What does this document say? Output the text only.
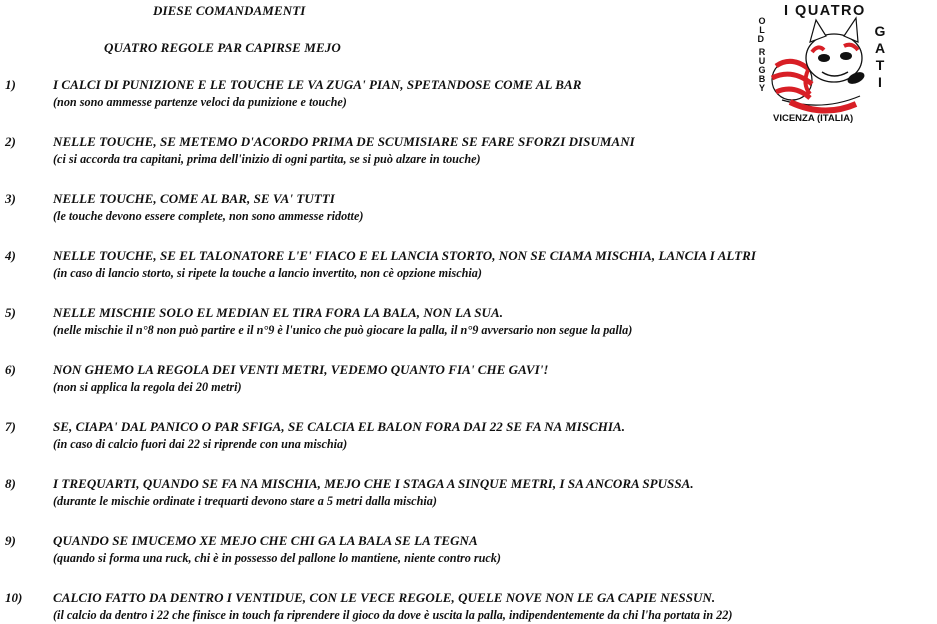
DIESE COMANDAMENTI
QUATRO REGOLE PAR CAPIRSE MEJO
I QUATRO
O L D R U G B Y
G A T I
VICENZA (ITALIA)
1)	I CALCI DI PUNIZIONE E LE TOUCHE LE VA ZUGA' PIAN, SPETANDOSE COME AL BAR
(non sono ammesse partenze veloci da punizione e touche)
2)	NELLE TOUCHE, SE METEMO D'ACORDO PRIMA DE SCUMISIARE SE FARE SFORZI DISUMANI
(ci si accorda tra capitani, prima dell'inizio di ogni partita, se si può alzare in touche)
3)	NELLE TOUCHE, COME AL BAR, SE VA' TUTTI
(le touche devono essere complete, non sono ammesse ridotte)
4)	NELLE TOUCHE, SE EL TALONATORE L'E' FIACO E EL LANCIA STORTO, NON SE CIAMA MISCHIA, LANCIA I ALTRI
(in caso di lancio storto, si ripete la touche a lancio invertito, non cè opzione mischia)
5)	NELLE MISCHIE SOLO EL MEDIAN EL TIRA FORA LA BALA, NON LA SUA.
(nelle mischie il n°8 non può partire e il n°9 è l'unico che può giocare la palla, il n°9 avversario non segue la palla)
6)	NON GHEMO LA REGOLA DEI VENTI METRI, VEDEMO QUANTO FIA' CHE GAVI'!
(non si applica la regola dei 20 metri)
7)	SE, CIAPA' DAL PANICO O PAR SFIGA, SE CALCIA EL BALON FORA DAI 22 SE FA NA MISCHIA.
(in caso di calcio fuori dai 22 si riprende con una mischia)
8)	I TREQUARTI, QUANDO SE FA NA MISCHIA, MEJO CHE I STAGA A SINQUE METRI, I SA ANCORA SPUSSA.
(durante le mischie ordinate i trequarti devono stare a 5 metri dalla mischia)
9)	QUANDO SE IMUCEMO XE MEJO CHE CHI GA LA BALA SE LA TEGNA
(quando si forma una ruck, chi è in possesso del pallone lo mantiene, niente contro ruck)
10) CALCIO FATTO DA DENTRO I VENTIDUE, CON LE VECE REGOLE, QUELE NOVE NON LE GA CAPIE NESSUN.
(il calcio da dentro i 22 che finisce in touch fa riprendere il gioco da dove è uscita la palla, indipendentemente da chi l'ha portata in 22)
